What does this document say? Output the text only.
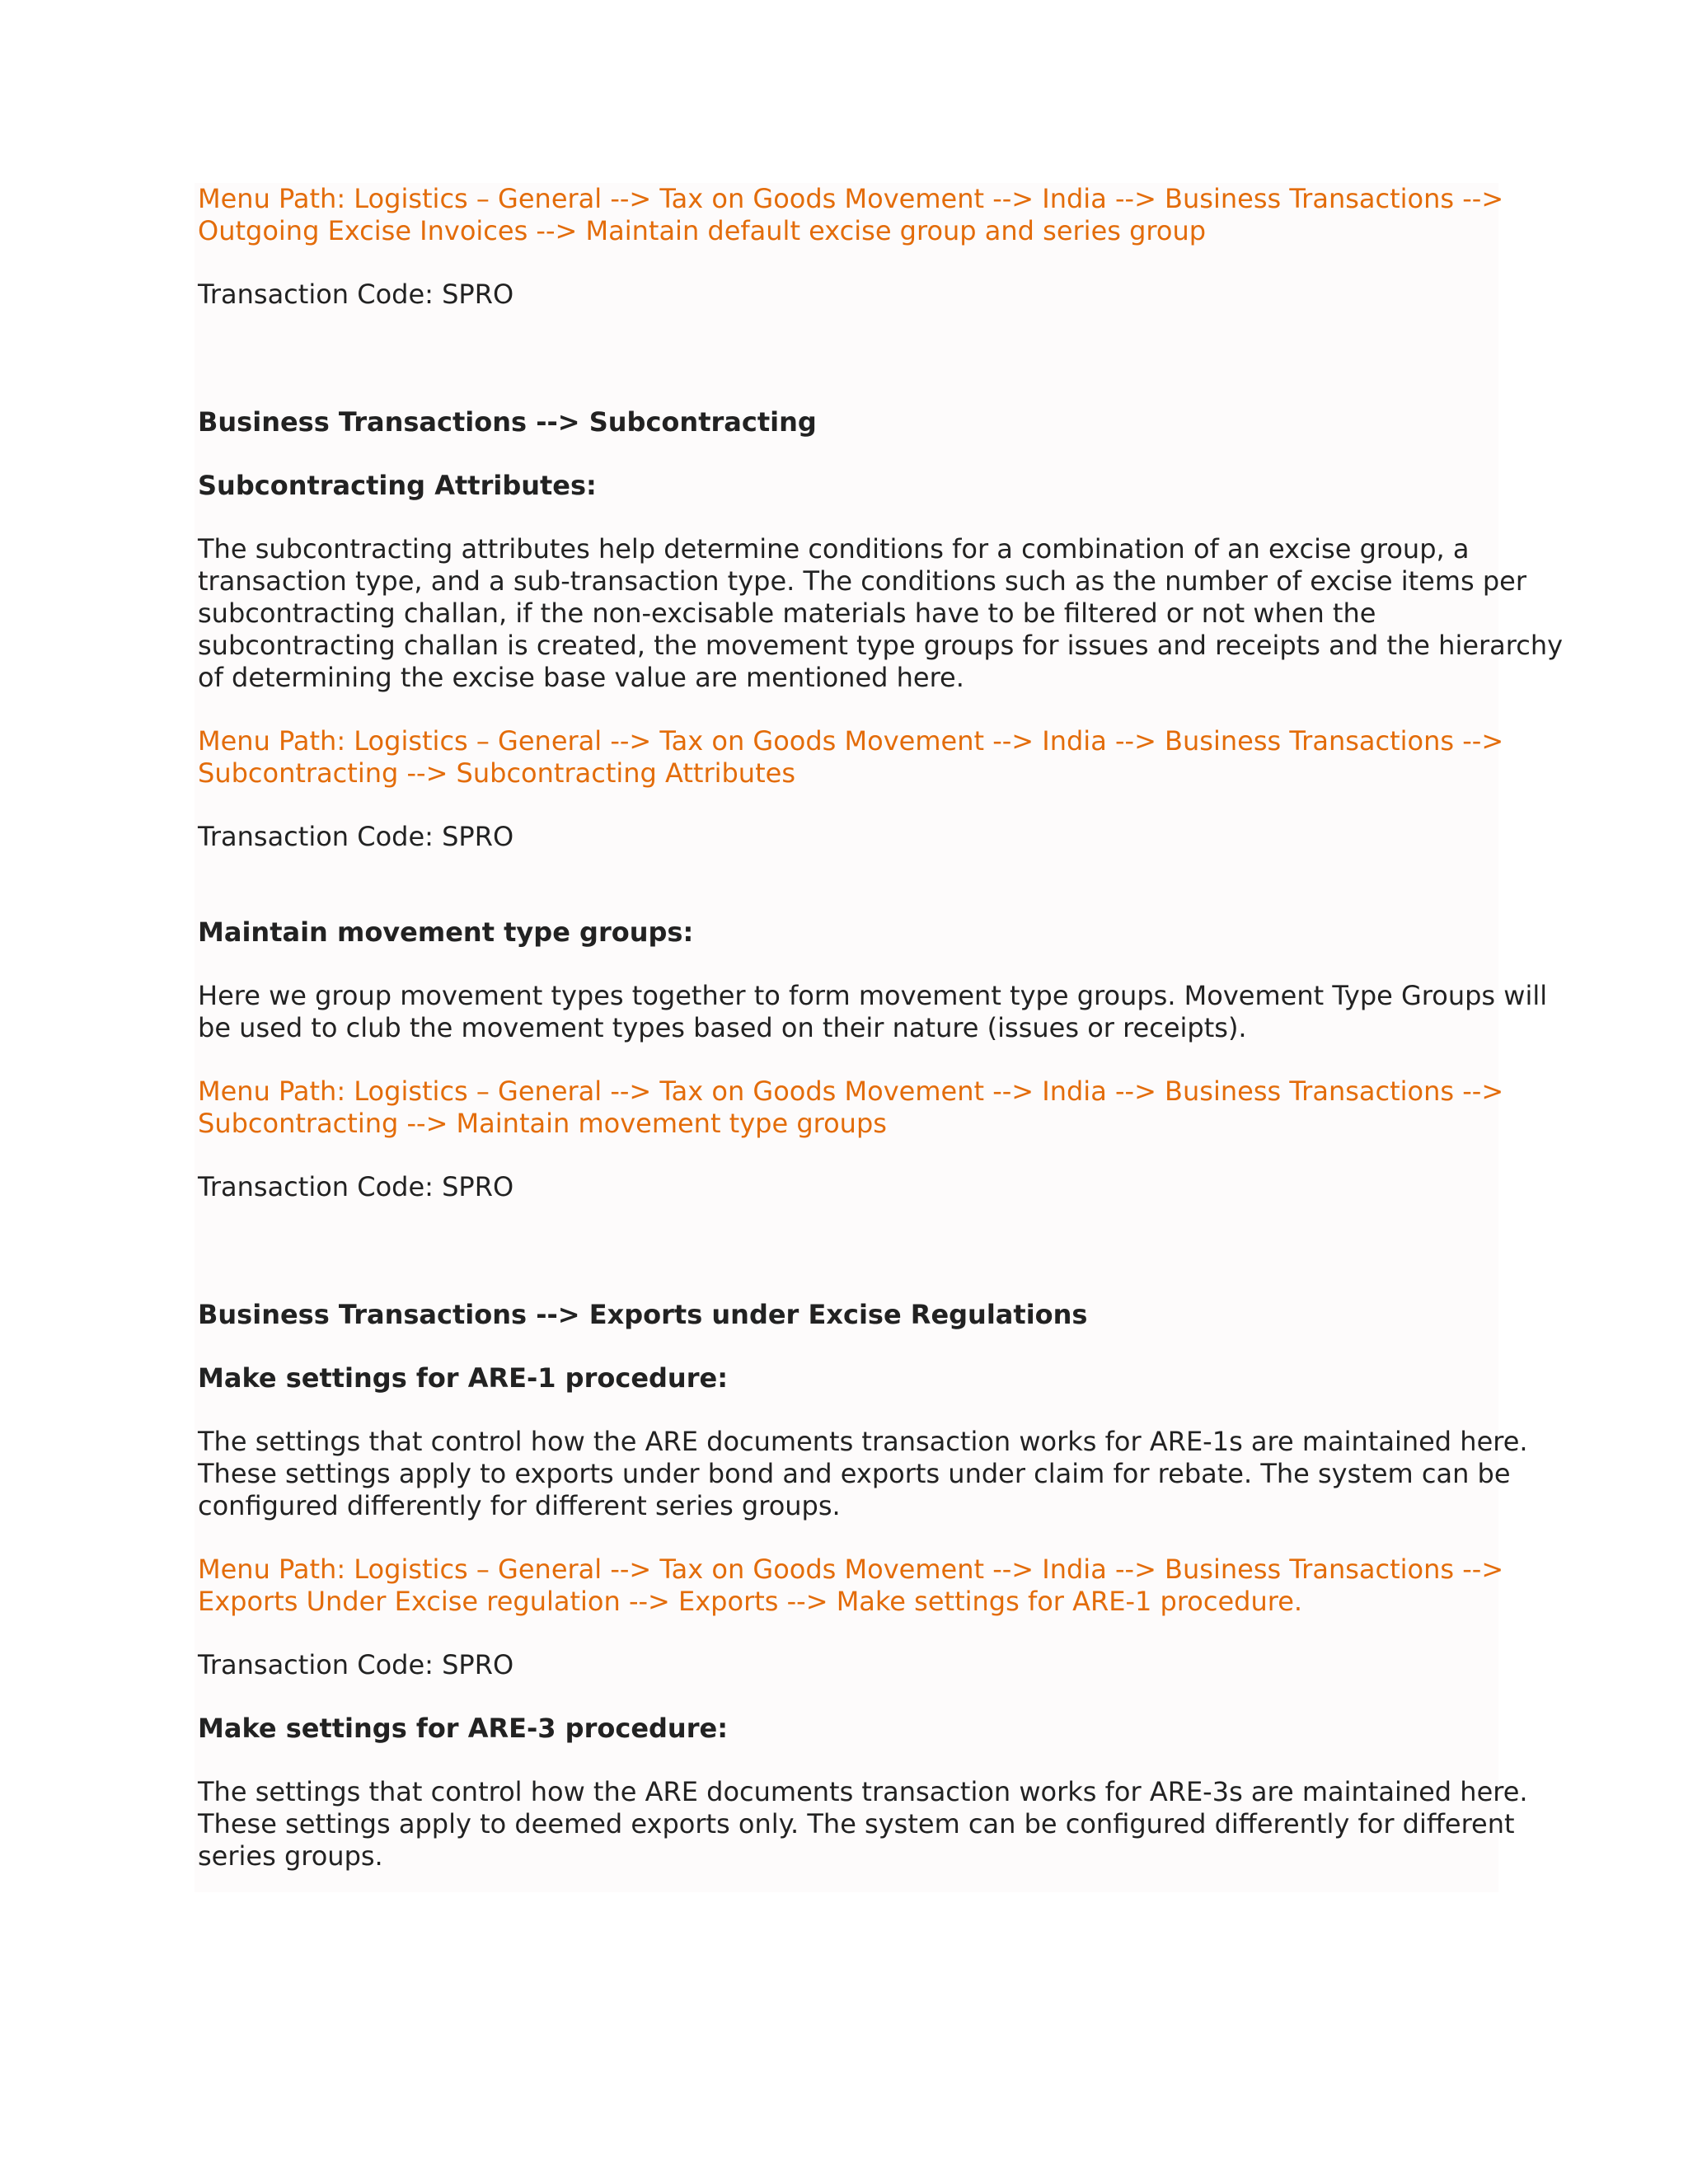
Menu Path: Logistics – General --> Tax on Goods Movement --> India --> Business Transactions -->
Outgoing Excise Invoices --> Maintain default excise group and series group

Transaction Code: SPRO

Business Transactions --> Subcontracting

Subcontracting Attributes:

The subcontracting attributes help determine conditions for a combination of an excise group, a
transaction type, and a sub-transaction type. The conditions such as the number of excise items per
subcontracting challan, if the non-excisable materials have to be filtered or not when the
subcontracting challan is created, the movement type groups for issues and receipts and the hierarchy
of determining the excise base value are mentioned here.

Menu Path: Logistics – General --> Tax on Goods Movement --> India --> Business Transactions -->
Subcontracting --> Subcontracting Attributes

Transaction Code: SPRO

Maintain movement type groups:

Here we group movement types together to form movement type groups. Movement Type Groups will
be used to club the movement types based on their nature (issues or receipts).

Menu Path: Logistics – General --> Tax on Goods Movement --> India --> Business Transactions -->
Subcontracting --> Maintain movement type groups

Transaction Code: SPRO

Business Transactions --> Exports under Excise Regulations

Make settings for ARE-1 procedure:

The settings that control how the ARE documents transaction works for ARE-1s are maintained here.
These settings apply to exports under bond and exports under claim for rebate. The system can be
configured differently for different series groups.

Menu Path: Logistics – General --> Tax on Goods Movement --> India --> Business Transactions -->
Exports Under Excise regulation --> Exports --> Make settings for ARE-1 procedure.

Transaction Code: SPRO

Make settings for ARE-3 procedure:

The settings that control how the ARE documents transaction works for ARE-3s are maintained here.
These settings apply to deemed exports only. The system can be configured differently for different
series groups.
